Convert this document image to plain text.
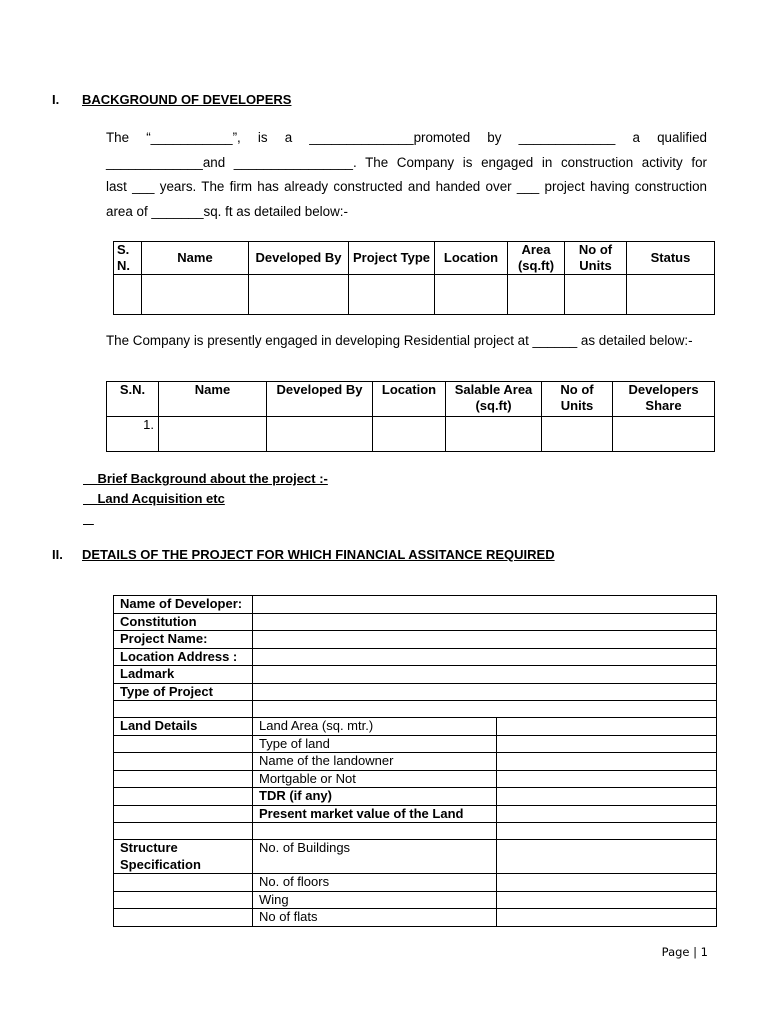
I. BACKGROUND OF DEVELOPERS
The “___________”, is a ______________promoted by _____________ a qualified
_____________and ________________. The Company is engaged in construction activity for
last ___ years. The firm has already constructed and handed over ___ project having construction
area of _______sq. ft as detailed below:-
S. N.	Name	Developed By	Project Type	Location	Area (sq.ft)	No of Units	Status

The Company is presently engaged in developing Residential project at ______ as detailed below:-
S.N.	Name	Developed By	Location	Salable Area (sq.ft)	No of Units	Developers Share
1.						
Brief Background about the project :-
Land Acquisition etc

II. DETAILS OF THE PROJECT FOR WHICH FINANCIAL ASSITANCE REQUIRED
Name of Developer:		
Constitution		
Project Name:		
Location Address :		
Ladmark		
Type of Project		

Land Details	Land Area (sq. mtr.)	
	Type of land	
	Name of the landowner	
	Mortgable or Not	
	TDR (if any)	
	Present market value of the Land	

Structure Specification	No. of Buildings	
	No. of floors	
	Wing	
	No of flats	
Page | 1
